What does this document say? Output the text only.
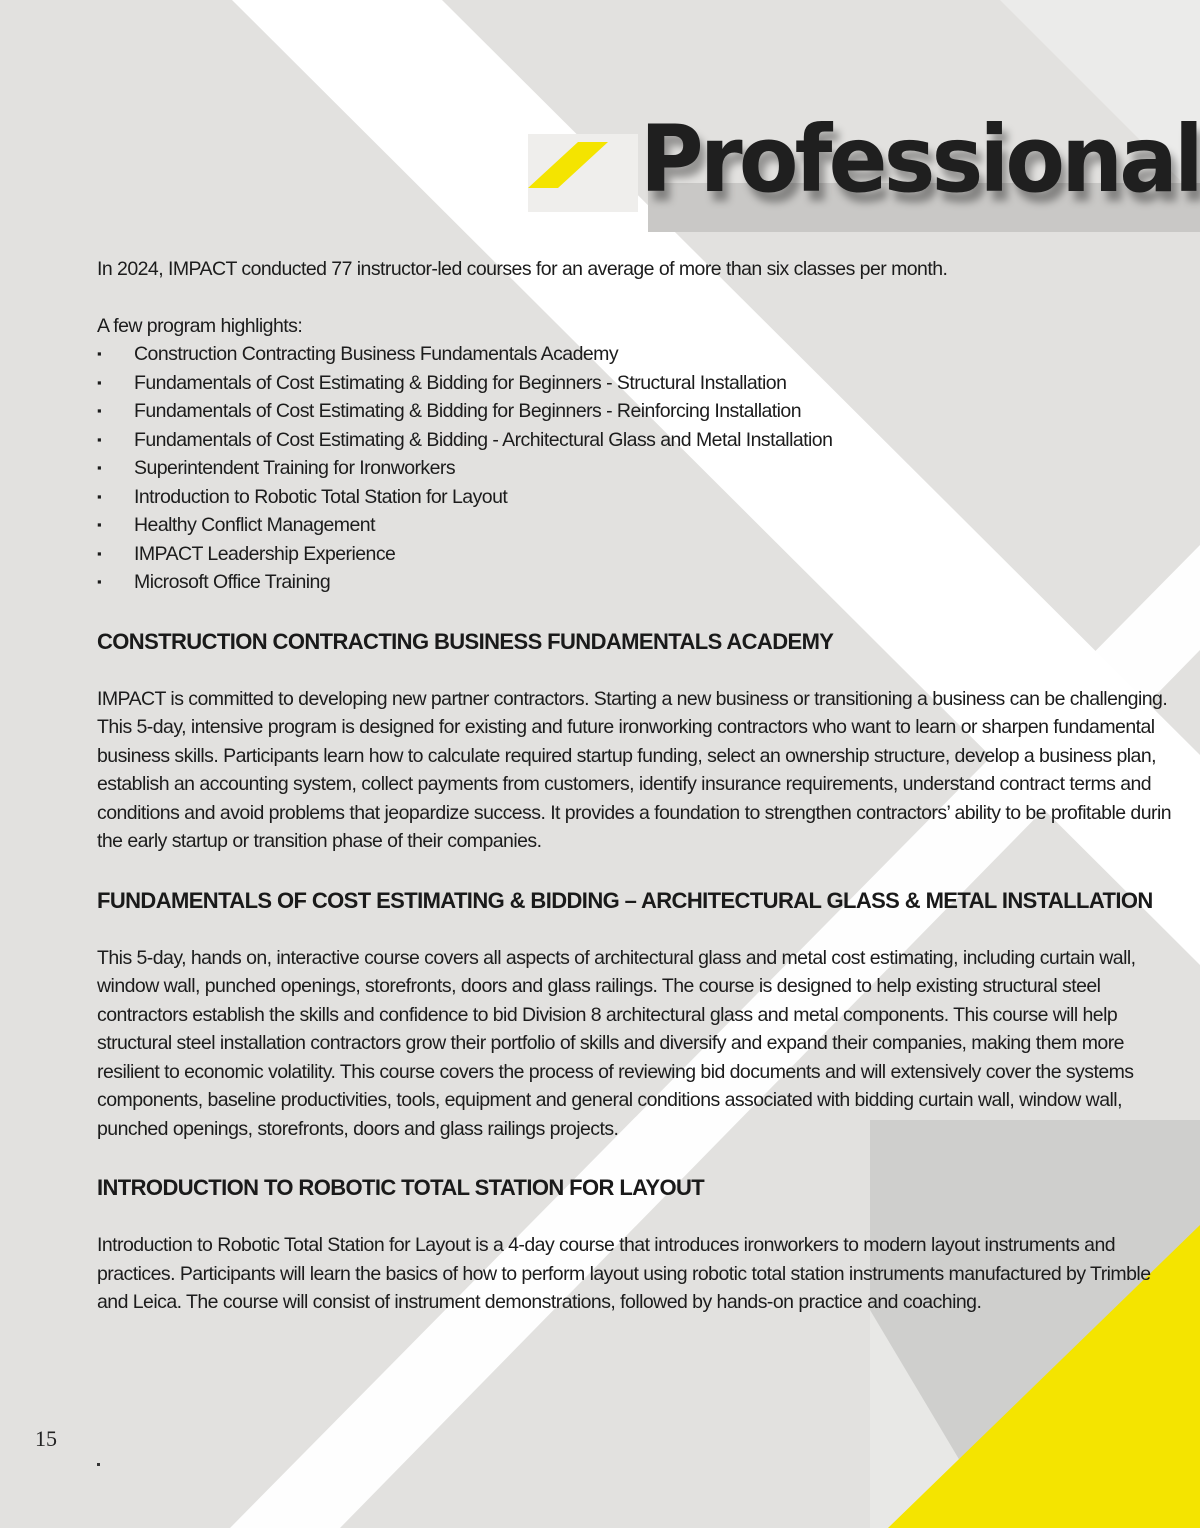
Professional

In 2024, IMPACT conducted 77 instructor-led courses for an average of more than six classes per month.

A few program highlights:

▪ Construction Contracting Business Fundamentals Academy
▪ Fundamentals of Cost Estimating & Bidding for Beginners - Structural Installation
▪ Fundamentals of Cost Estimating & Bidding for Beginners - Reinforcing Installation
▪ Fundamentals of Cost Estimating & Bidding - Architectural Glass and Metal Installation
▪ Superintendent Training for Ironworkers
▪ Introduction to Robotic Total Station for Layout
▪ Healthy Conflict Management
▪ IMPACT Leadership Experience
▪ Microsoft Office Training
CONSTRUCTION CONTRACTING BUSINESS FUNDAMENTALS ACADEMY

IMPACT is committed to developing new partner contractors. Starting a new business or transitioning a business can be challenging.

This 5-day, intensive program is designed for existing and future ironworking contractors who want to learn or sharpen fundamental

business skills. Participants learn how to calculate required startup funding, select an ownership structure, develop a business plan,

establish an accounting system, collect payments from customers, identify insurance requirements, understand contract terms and

conditions and avoid problems that jeopardize success. It provides a foundation to strengthen contractors’ ability to be profitable durin

the early startup or transition phase of their companies.

FUNDAMENTALS OF COST ESTIMATING & BIDDING – ARCHITECTURAL GLASS & METAL INSTALLATION

This 5-day, hands on, interactive course covers all aspects of architectural glass and metal cost estimating, including curtain wall,

window wall, punched openings, storefronts, doors and glass railings. The course is designed to help existing structural steel

contractors establish the skills and confidence to bid Division 8 architectural glass and metal components. This course will help

structural steel installation contractors grow their portfolio of skills and diversify and expand their companies, making them more

resilient to economic volatility. This course covers the process of reviewing bid documents and will extensively cover the systems

components, baseline productivities, tools, equipment and general conditions associated with bidding curtain wall, window wall,

punched openings, storefronts, doors and glass railings projects.

INTRODUCTION TO ROBOTIC TOTAL STATION FOR LAYOUT

Introduction to Robotic Total Station for Layout is a 4-day course that introduces ironworkers to modern layout instruments and

practices. Participants will learn the basics of how to perform layout using robotic total station instruments manufactured by Trimble

and Leica. The course will consist of instrument demonstrations, followed by hands-on practice and coaching.

15
